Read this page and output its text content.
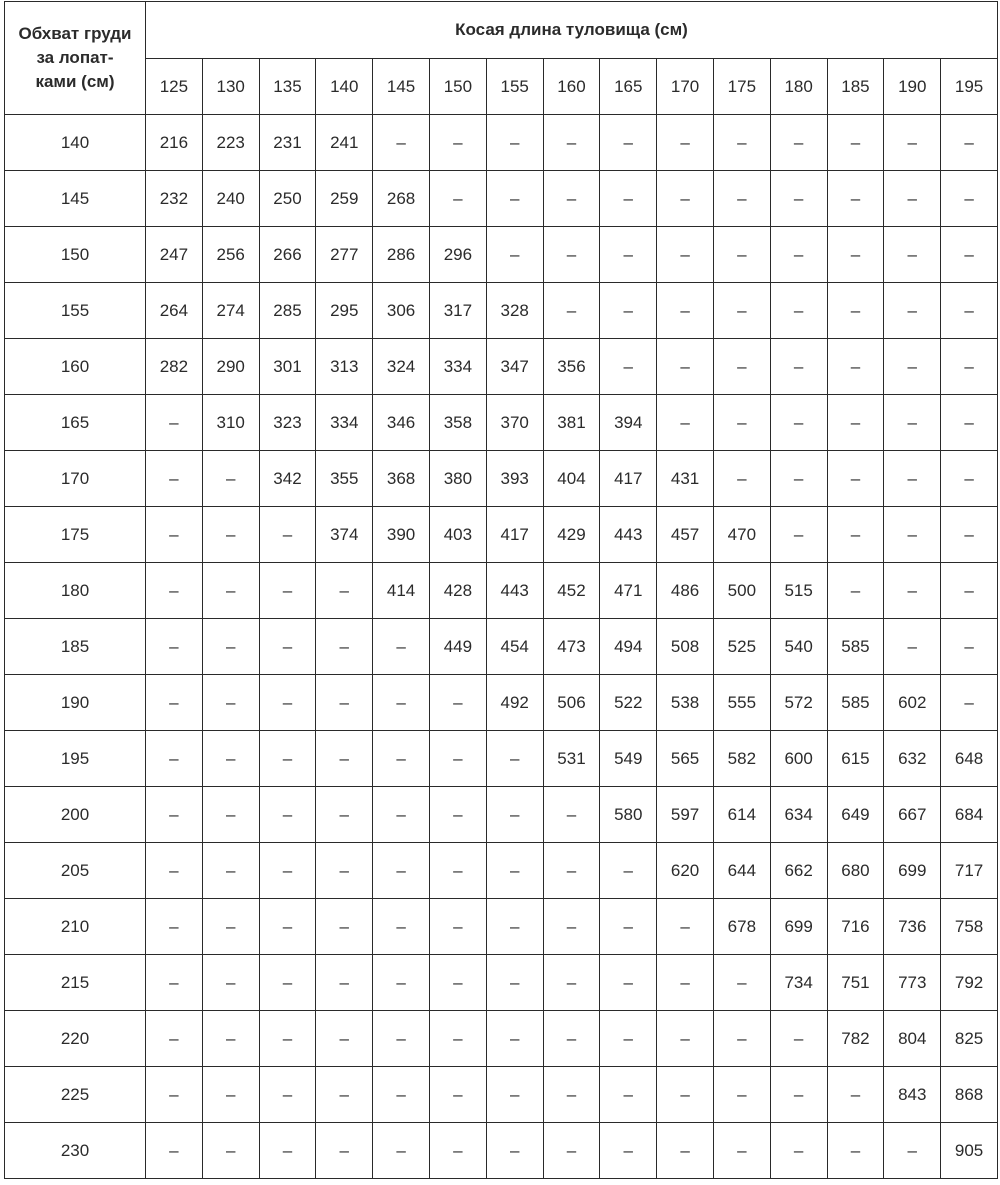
Обхват груди
за лопат-
ками (см)	Косая длина туловища (см)														
	125	130	135	140	145	150	155	160	165	170	175	180	185	190	195
140	216	223	231	241	–	–	–	–	–	–	–	–	–	–	–
145	232	240	250	259	268	–	–	–	–	–	–	–	–	–	–
150	247	256	266	277	286	296	–	–	–	–	–	–	–	–	–
155	264	274	285	295	306	317	328	–	–	–	–	–	–	–	–
160	282	290	301	313	324	334	347	356	–	–	–	–	–	–	–
165	–	310	323	334	346	358	370	381	394	–	–	–	–	–	–
170	–	–	342	355	368	380	393	404	417	431	–	–	–	–	–
175	–	–	–	374	390	403	417	429	443	457	470	–	–	–	–
180	–	–	–	–	414	428	443	452	471	486	500	515	–	–	–
185	–	–	–	–	–	449	454	473	494	508	525	540	585	–	–
190	–	–	–	–	–	–	492	506	522	538	555	572	585	602	–
195	–	–	–	–	–	–	–	531	549	565	582	600	615	632	648
200	–	–	–	–	–	–	–	–	580	597	614	634	649	667	684
205	–	–	–	–	–	–	–	–	–	620	644	662	680	699	717
210	–	–	–	–	–	–	–	–	–	–	678	699	716	736	758
215	–	–	–	–	–	–	–	–	–	–	–	734	751	773	792
220	–	–	–	–	–	–	–	–	–	–	–	–	782	804	825
225	–	–	–	–	–	–	–	–	–	–	–	–	–	843	868
230	–	–	–	–	–	–	–	–	–	–	–	–	–	–	905
